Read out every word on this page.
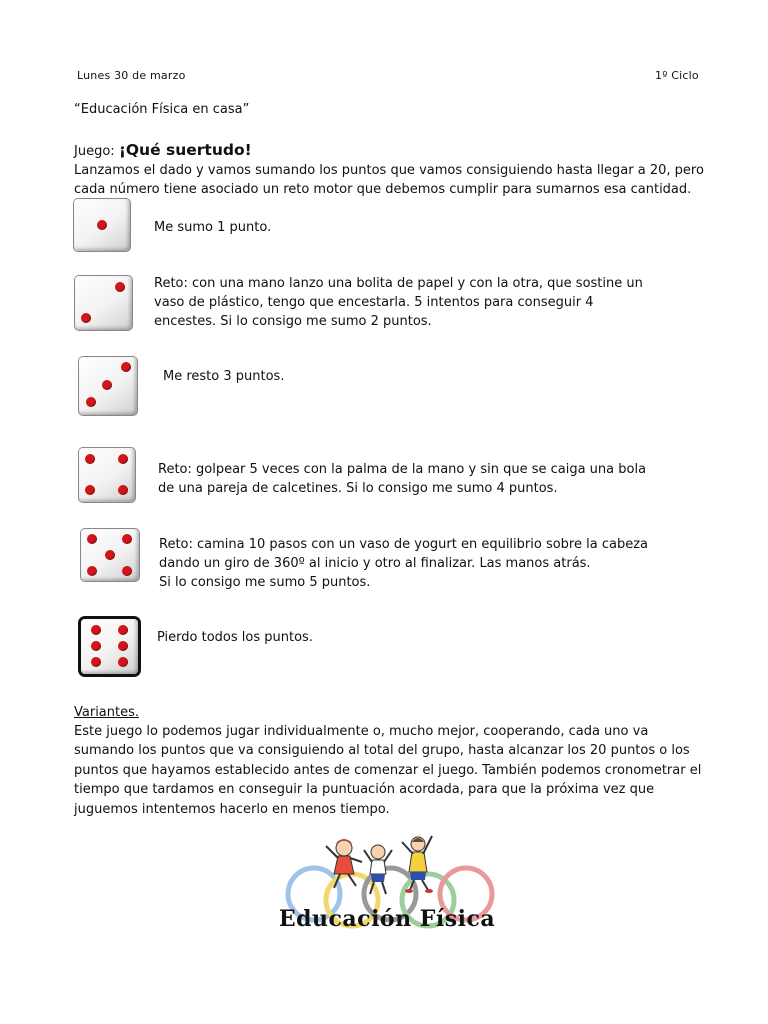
Lunes 30 de marzo	1º Ciclo
“Educación Física en casa”
Juego: ¡Qué suertudo!
Lanzamos el dado y vamos sumando los puntos que vamos consiguiendo hasta llegar a 20, pero cada número tiene asociado un reto motor que debemos cumplir para sumarnos esa cantidad.
Me sumo 1 punto.
Reto: con una mano lanzo una bolita de papel y con la otra, que sostine un
vaso de plástico, tengo que encestarla. 5 intentos para conseguir 4
encestes. Si lo consigo me sumo 2 puntos.
Me resto 3 puntos.
Reto: golpear 5 veces con la palma de la mano y sin que se caiga una bola
de una pareja de calcetines. Si lo consigo me sumo 4 puntos.
Reto: camina 10 pasos con un vaso de yogurt en equilibrio sobre la cabeza
dando un giro de 360º al inicio y otro al finalizar. Las manos atrás.
Si lo consigo me sumo 5 puntos.
Pierdo todos los puntos.
Variantes.
Este juego lo podemos jugar individualmente o, mucho mejor, cooperando, cada uno va sumando los puntos que va consiguiendo al total del grupo, hasta alcanzar los 20 puntos o los puntos que hayamos establecido antes de comenzar el juego. También podemos cronometrar el tiempo que tardamos en conseguir la puntuación acordada, para que la próxima vez que juguemos intentemos hacerlo en menos tiempo.
Educación Física
